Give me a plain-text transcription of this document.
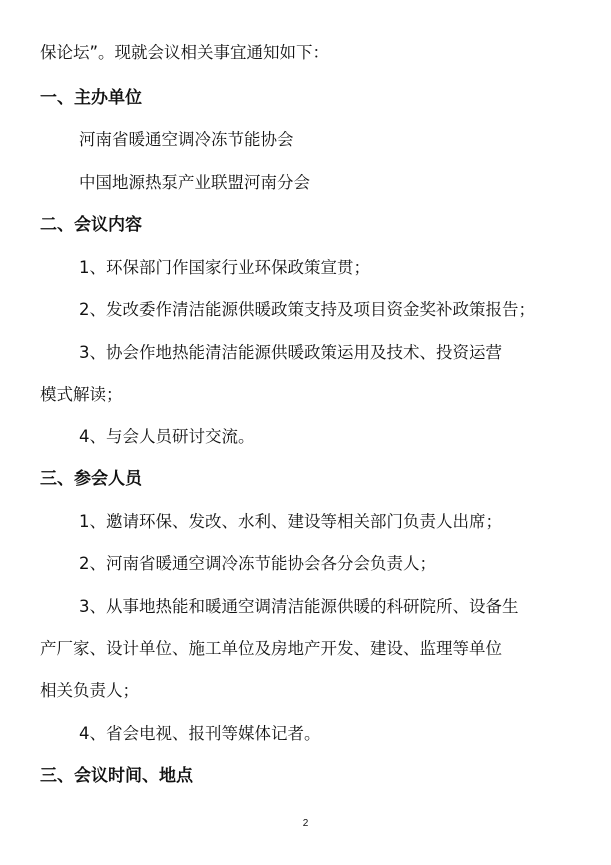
保论坛”。现就会议相关事宜通知如下：
一、主办单位
河南省暖通空调冷冻节能协会
中国地源热泵产业联盟河南分会
二、会议内容
1、环保部门作国家行业环保政策宣贯；
2、发改委作清洁能源供暖政策支持及项目资金奖补政策报告；
3、协会作地热能清洁能源供暖政策运用及技术、投资运营
模式解读；
4、与会人员研讨交流。
三、参会人员
1、邀请环保、发改、水利、建设等相关部门负责人出席；
2、河南省暖通空调冷冻节能协会各分会负责人；
3、从事地热能和暖通空调清洁能源供暖的科研院所、设备生
产厂家、设计单位、施工单位及房地产开发、建设、监理等单位
相关负责人；
4、省会电视、报刊等媒体记者。
三、会议时间、地点
2
